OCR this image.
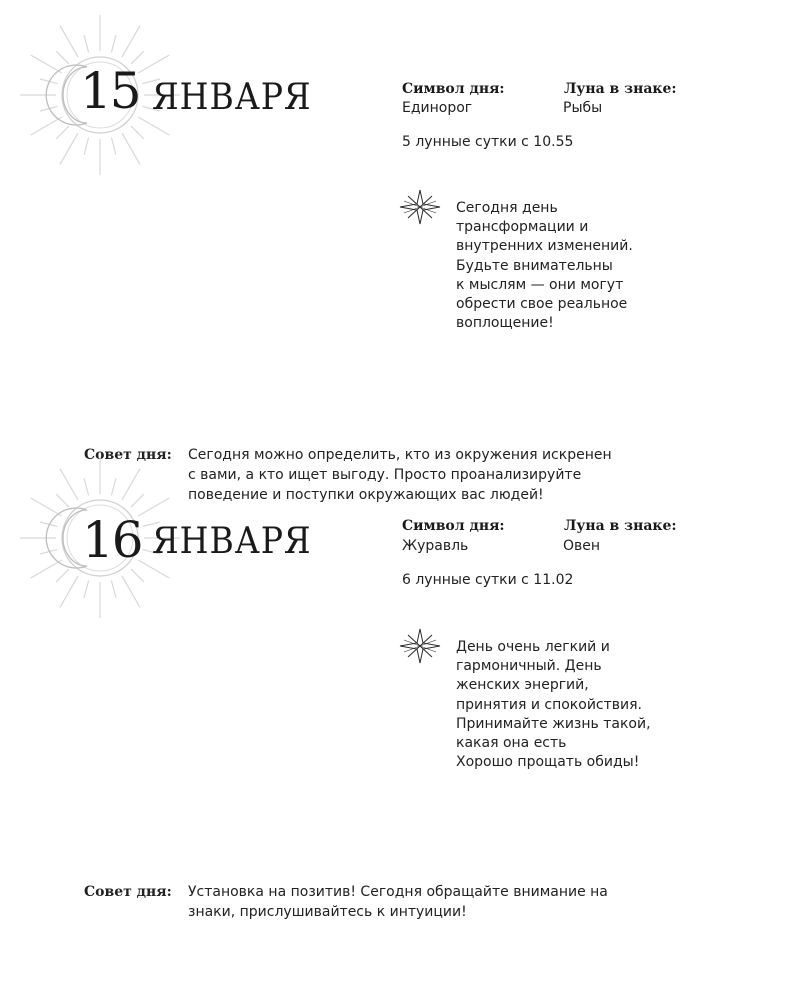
15 ЯНВАРЯ	Символ дня:	Луна в знаке:
Единорог	Рыбы
5 лунные сутки с 10.55
Сегодня день
трансформации и
внутренних изменений.
Будьте внимательны
к мыслям — они могут
обрести свое реальное
воплощение!
Совет дня: Сегодня можно определить, кто из окружения искренен
с вами, а кто ищет выгоду. Просто проанализируйте
поведение и поступки окружающих вас людей!
16 ЯНВАРЯ	Символ дня:	Луна в знаке:
Журавль	Овен
6 лунные сутки с 11.02
День очень легкий и
гармоничный. День
женских энергий,
принятия и спокойствия.
Принимайте жизнь такой,
какая она есть
Хорошо прощать обиды!
Совет дня: Установка на позитив! Сегодня обращайте внимание на
знаки, прислушивайтесь к интуиции!
